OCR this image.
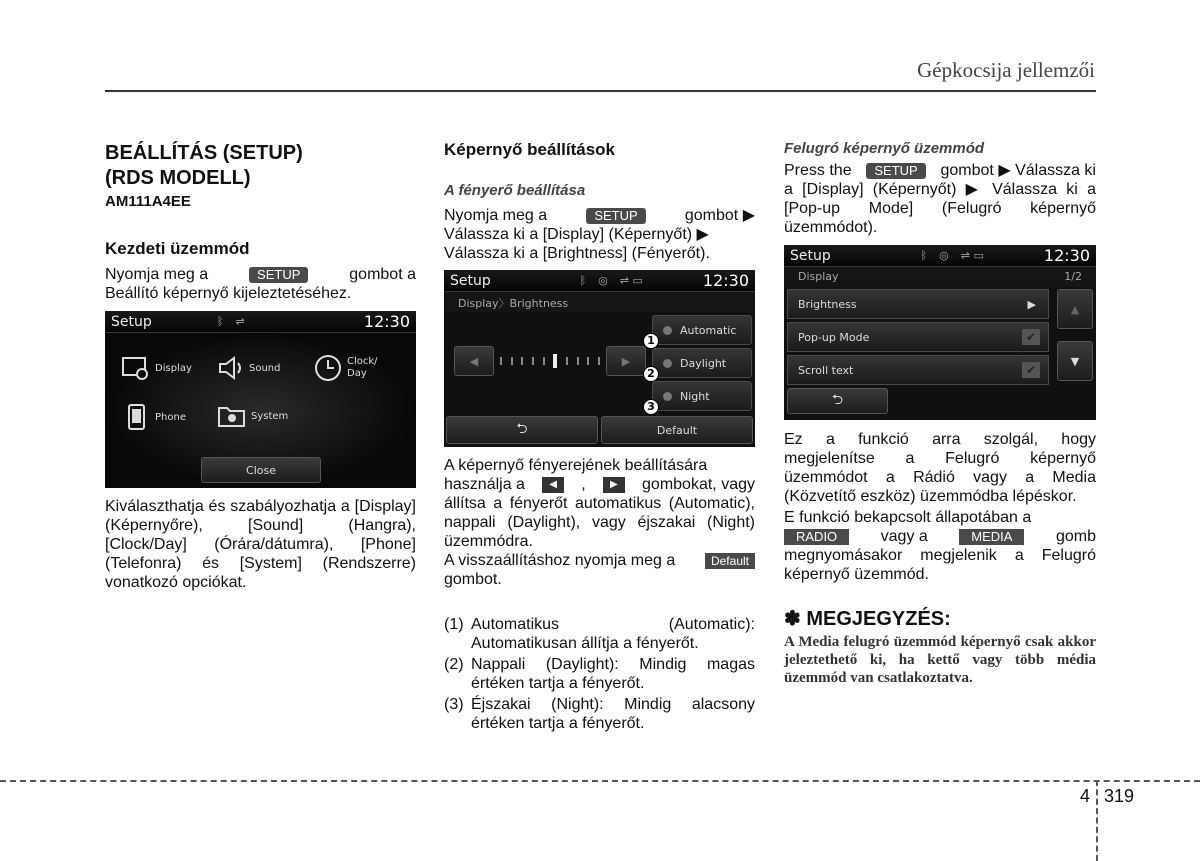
Gépkocsija jellemzői
BEÁLLÍTÁS (SETUP)
(RDS MODELL)
AM111A4EE
Kezdeti üzemmód
Nyomja meg a	SETUP	gombot a
Beállító képernyő kijeleztetéséhez.
Setup	ᛒ ⇌	12:30
Display	Sound
Clock/
Day
Phone	System
Close
Kiválaszthatja és szabályozhatja a [Display] (Képernyőre), [Sound] (Hangra), [Clock/Day] (Órára/dátumra), [Phone] (Telefonra) és [System] (Rendszerre) vonatkozó opciókat.
Képernyő beállítások
A fényerő beállítása
Nyomja meg a	SETUP	gombot ▶
Válassza ki a [Display] (Képernyőt) ▶
Válassza ki a [Brightness] (Fényerőt).
Setup	ᛒ ◎ ⇌ ▭	12:30
Display〉Brightness
◀	▶
Automatic
Daylight
Night
1
2
3
⮌	Default
A képernyő fényerejének beállítására
használja a	◀	,	▶	gombokat, vagy
állítsa a fényerőt automatikus (Automatic), nappali (Daylight), vagy éjszakai (Night) üzemmódra.
A visszaállításhoz nyomja meg a	Default
gombot.
(1) Automatikus (Automatic): Automatikusan állítja a fényerőt.
(2) Nappali (Daylight): Mindig magas értéken tartja a fényerőt.
(3) Éjszakai (Night): Mindig alacsony értéken tartja a fényerőt.
Felugró képernyő üzemmód
Press the	SETUP	gombot ▶ Válassza ki
a [Display] (Képernyőt) ▶ Válassza ki a [Pop-up Mode] (Felugró képernyő üzemmódot).
Setup	ᛒ ◎ ⇌ ▭	12:30
Display	1/2
Brightness	▶
Pop-up Mode	✔
Scroll text	✔
▲
▼
⮌
Ez a funkció arra szolgál, hogy megjelenítse a Felugró képernyő üzemmódot a Rádió vagy a Media (Közvetítő eszköz) üzemmódba lépéskor.
E funkció bekapcsolt állapotában a
RADIO	vagy a	MEDIA	gomb
megnyomásakor megjelenik a Felugró képernyő üzemmód.
✽ MEGJEGYZÉS:
A Media felugró üzemmód képernyő csak akkor jeleztethető ki, ha kettő vagy több média üzemmód van csatlakoztatva.
4 319
